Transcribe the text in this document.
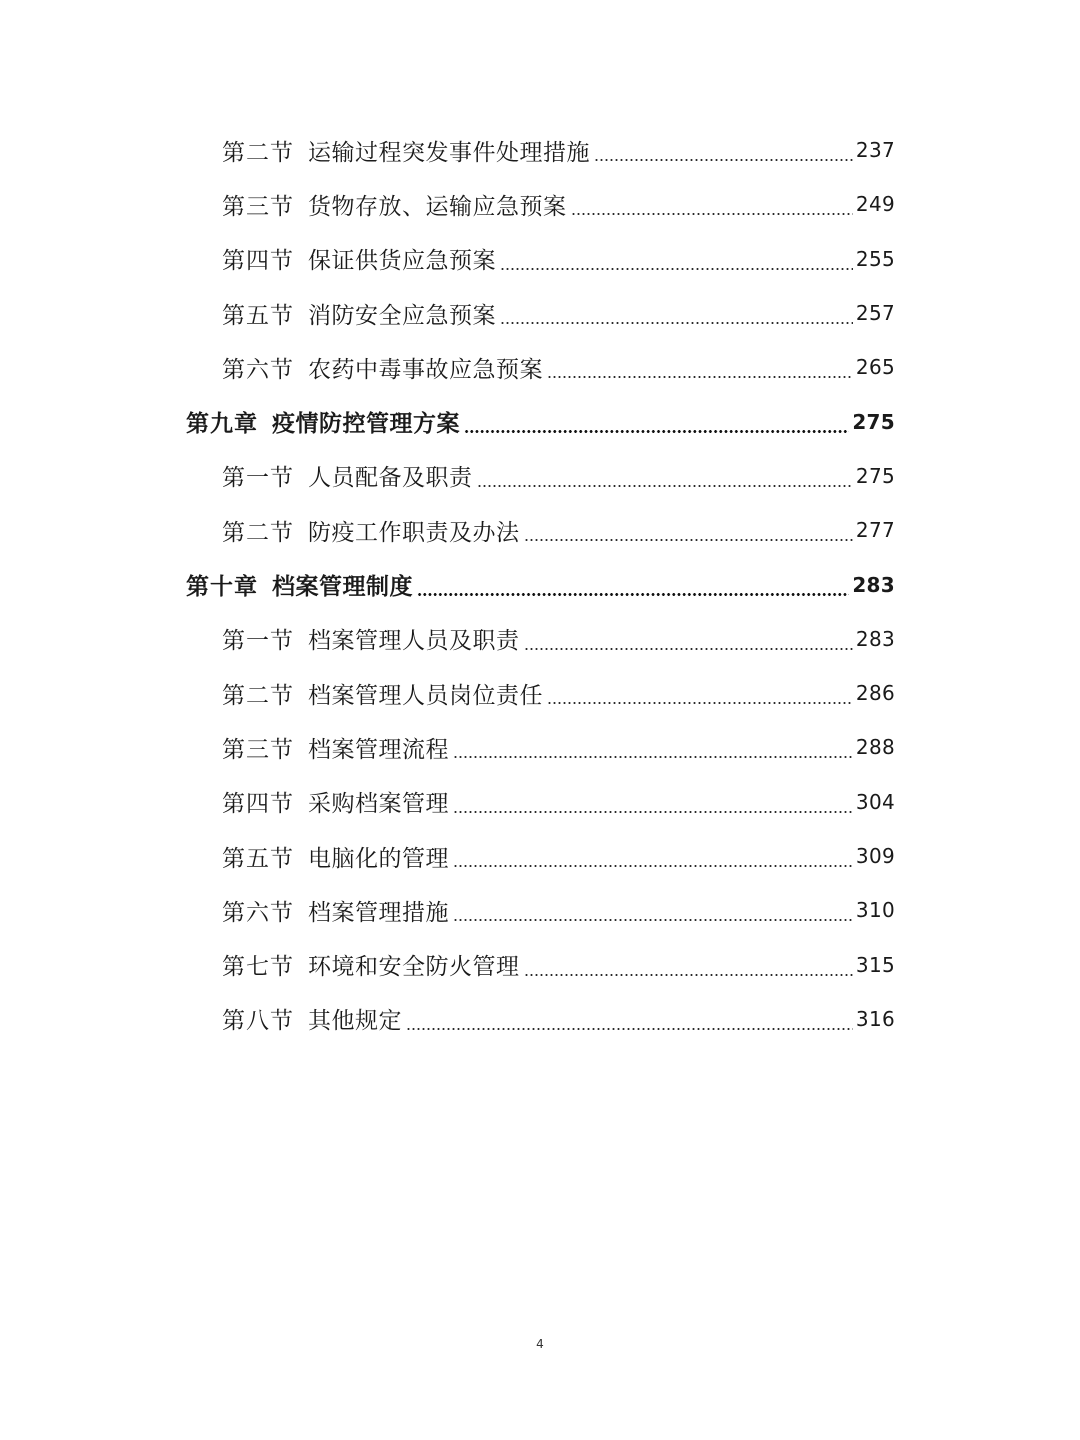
第二节 运输过程突发事件处理措施	237
第三节 货物存放、运输应急预案	249
第四节 保证供货应急预案	255
第五节 消防安全应急预案	257
第六节 农药中毒事故应急预案	265
第九章 疫情防控管理方案	275
第一节 人员配备及职责	275
第二节 防疫工作职责及办法	277
第十章 档案管理制度	283
第一节 档案管理人员及职责	283
第二节 档案管理人员岗位责任	286
第三节 档案管理流程	288
第四节 采购档案管理	304
第五节 电脑化的管理	309
第六节 档案管理措施	310
第七节 环境和安全防火管理	315
第八节 其他规定	316
4
